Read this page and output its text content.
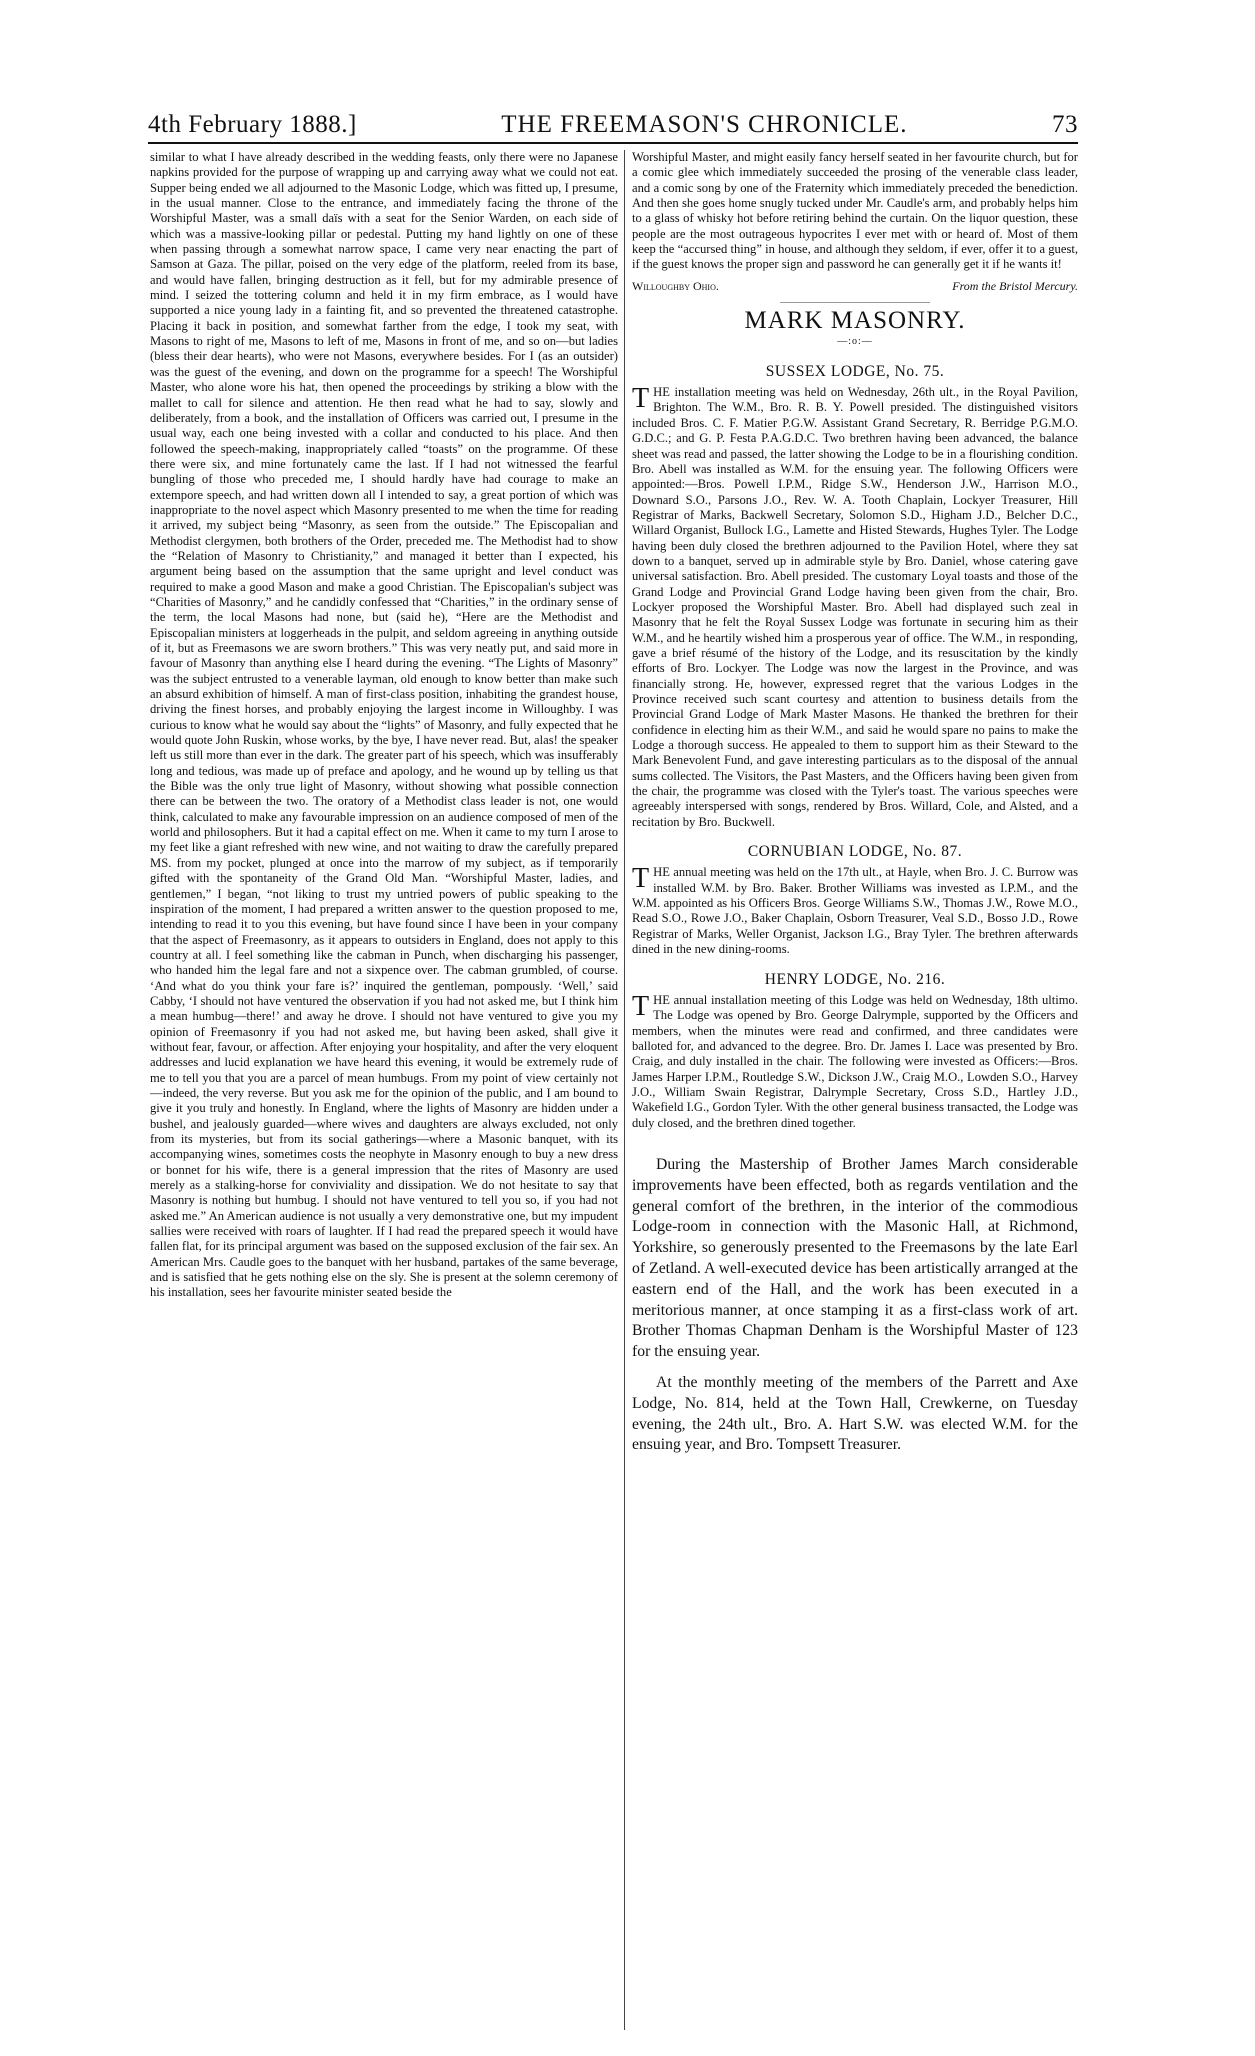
4th February 1888.]	THE FREEMASON'S CHRONICLE.	73

similar to what I have already described in the wedding feasts, only there were no Japanese napkins provided for the purpose of wrapping up and carrying away what we could not eat. Supper being ended we all adjourned to the Masonic Lodge, which was fitted up, I presume, in the usual manner. Close to the entrance, and immediately facing the throne of the Worshipful Master, was a small daïs with a seat for the Senior Warden, on each side of which was a massive-looking pillar or pedestal. Putting my hand lightly on one of these when passing through a somewhat narrow space, I came very near enacting the part of Samson at Gaza. The pillar, poised on the very edge of the platform, reeled from its base, and would have fallen, bringing destruction as it fell, but for my admirable presence of mind. I seized the tottering column and held it in my firm embrace, as I would have supported a nice young lady in a fainting fit, and so prevented the threatened catastrophe. Placing it back in position, and somewhat farther from the edge, I took my seat, with Masons to right of me, Masons to left of me, Masons in front of me, and so on—but ladies (bless their dear hearts), who were not Masons, everywhere besides. For I (as an outsider) was the guest of the evening, and down on the programme for a speech! The Worshipful Master, who alone wore his hat, then opened the proceedings by striking a blow with the mallet to call for silence and attention. He then read what he had to say, slowly and deliberately, from a book, and the installation of Officers was carried out, I presume in the usual way, each one being invested with a collar and conducted to his place. And then followed the speech-making, inappropriately called “toasts” on the programme. Of these there were six, and mine fortunately came the last. If I had not witnessed the fearful bungling of those who preceded me, I should hardly have had courage to make an extempore speech, and had written down all I intended to say, a great portion of which was inappropriate to the novel aspect which Masonry presented to me when the time for reading it arrived, my subject being “Masonry, as seen from the outside.” The Episcopalian and Methodist clergymen, both brothers of the Order, preceded me. The Methodist had to show the “Relation of Masonry to Christianity,” and managed it better than I expected, his argument being based on the assumption that the same upright and level conduct was required to make a good Mason and make a good Christian. The Episcopalian's subject was “Charities of Masonry,” and he candidly confessed that “Charities,” in the ordinary sense of the term, the local Masons had none, but (said he), “Here are the Methodist and Episcopalian ministers at loggerheads in the pulpit, and seldom agreeing in anything outside of it, but as Freemasons we are sworn brothers.” This was very neatly put, and said more in favour of Masonry than anything else I heard during the evening. “The Lights of Masonry” was the subject entrusted to a venerable layman, old enough to know better than make such an absurd exhibition of himself. A man of first-class position, inhabiting the grandest house, driving the finest horses, and probably enjoying the largest income in Willoughby. I was curious to know what he would say about the “lights” of Masonry, and fully expected that he would quote John Ruskin, whose works, by the bye, I have never read. But, alas! the speaker left us still more than ever in the dark. The greater part of his speech, which was insufferably long and tedious, was made up of preface and apology, and he wound up by telling us that the Bible was the only true light of Masonry, without showing what possible connection there can be between the two. The oratory of a Methodist class leader is not, one would think, calculated to make any favourable impression on an audience composed of men of the world and philosophers. But it had a capital effect on me. When it came to my turn I arose to my feet like a giant refreshed with new wine, and not waiting to draw the carefully prepared MS. from my pocket, plunged at once into the marrow of my subject, as if temporarily gifted with the spontaneity of the Grand Old Man. “Worshipful Master, ladies, and gentlemen,” I began, “not liking to trust my untried powers of public speaking to the inspiration of the moment, I had prepared a written answer to the question proposed to me, intending to read it to you this evening, but have found since I have been in your company that the aspect of Freemasonry, as it appears to outsiders in England, does not apply to this country at all. I feel something like the cabman in Punch, when discharging his passenger, who handed him the legal fare and not a sixpence over. The cabman grumbled, of course. ‘And what do you think your fare is?’ inquired the gentleman, pompously. ‘Well,’ said Cabby, ‘I should not have ventured the observation if you had not asked me, but I think him a mean humbug—there!’ and away he drove. I should not have ventured to give you my opinion of Freemasonry if you had not asked me, but having been asked, shall give it without fear, favour, or affection. After enjoying your hospitality, and after the very eloquent addresses and lucid explanation we have heard this evening, it would be extremely rude of me to tell you that you are a parcel of mean humbugs. From my point of view certainly not—indeed, the very reverse. But you ask me for the opinion of the public, and I am bound to give it you truly and honestly. In England, where the lights of Masonry are hidden under a bushel, and jealously guarded—where wives and daughters are always excluded, not only from its mysteries, but from its social gatherings—where a Masonic banquet, with its accompanying wines, sometimes costs the neophyte in Masonry enough to buy a new dress or bonnet for his wife, there is a general impression that the rites of Masonry are used merely as a stalking-horse for conviviality and dissipation. We do not hesitate to say that Masonry is nothing but humbug. I should not have ventured to tell you so, if you had not asked me.” An American audience is not usually a very demonstrative one, but my impudent sallies were received with roars of laughter. If I had read the prepared speech it would have fallen flat, for its principal argument was based on the supposed exclusion of the fair sex. An American Mrs. Caudle goes to the banquet with her husband, partakes of the same beverage, and is satisfied that he gets nothing else on the sly. She is present at the solemn ceremony of his installation, sees her favourite minister seated beside the

Worshipful Master, and might easily fancy herself seated in her favourite church, but for a comic glee which immediately succeeded the prosing of the venerable class leader, and a comic song by one of the Fraternity which immediately preceded the benediction. And then she goes home snugly tucked under Mr. Caudle's arm, and probably helps him to a glass of whisky hot before retiring behind the curtain. On the liquor question, these people are the most outrageous hypocrites I ever met with or heard of. Most of them keep the “accursed thing” in house, and although they seldom, if ever, offer it to a guest, if the guest knows the proper sign and password he can generally get it if he wants it!

Willoughby Ohio.	From the Bristol Mercury.
MARK MASONRY.
—:o:—
SUSSEX LODGE, No. 75.

THE installation meeting was held on Wednesday, 26th ult., in the Royal Pavilion, Brighton. The W.M., Bro. R. B. Y. Powell presided. The distinguished visitors included Bros. C. F. Matier P.G.W. Assistant Grand Secretary, R. Berridge P.G.M.O. G.D.C.; and G. P. Festa P.A.G.D.C. Two brethren having been advanced, the balance sheet was read and passed, the latter showing the Lodge to be in a flourishing condition. Bro. Abell was installed as W.M. for the ensuing year. The following Officers were appointed:—Bros. Powell I.P.M., Ridge S.W., Henderson J.W., Harrison M.O., Downard S.O., Parsons J.O., Rev. W. A. Tooth Chaplain, Lockyer Treasurer, Hill Registrar of Marks, Backwell Secretary, Solomon S.D., Higham J.D., Belcher D.C., Willard Organist, Bullock I.G., Lamette and Histed Stewards, Hughes Tyler. The Lodge having been duly closed the brethren adjourned to the Pavilion Hotel, where they sat down to a banquet, served up in admirable style by Bro. Daniel, whose catering gave universal satisfaction. Bro. Abell presided. The customary Loyal toasts and those of the Grand Lodge and Provincial Grand Lodge having been given from the chair, Bro. Lockyer proposed the Worshipful Master. Bro. Abell had displayed such zeal in Masonry that he felt the Royal Sussex Lodge was fortunate in securing him as their W.M., and he heartily wished him a prosperous year of office. The W.M., in responding, gave a brief résumé of the history of the Lodge, and its resuscitation by the kindly efforts of Bro. Lockyer. The Lodge was now the largest in the Province, and was financially strong. He, however, expressed regret that the various Lodges in the Province received such scant courtesy and attention to business details from the Provincial Grand Lodge of Mark Master Masons. He thanked the brethren for their confidence in electing him as their W.M., and said he would spare no pains to make the Lodge a thorough success. He appealed to them to support him as their Steward to the Mark Benevolent Fund, and gave interesting particulars as to the disposal of the annual sums collected. The Visitors, the Past Masters, and the Officers having been given from the chair, the programme was closed with the Tyler's toast. The various speeches were agreeably interspersed with songs, rendered by Bros. Willard, Cole, and Alsted, and a recitation by Bro. Buckwell.

CORNUBIAN LODGE, No. 87.

THE annual meeting was held on the 17th ult., at Hayle, when Bro. J. C. Burrow was installed W.M. by Bro. Baker. Brother Williams was invested as I.P.M., and the W.M. appointed as his Officers Bros. George Williams S.W., Thomas J.W., Rowe M.O., Read S.O., Rowe J.O., Baker Chaplain, Osborn Treasurer, Veal S.D., Bosso J.D., Rowe Registrar of Marks, Weller Organist, Jackson I.G., Bray Tyler. The brethren afterwards dined in the new dining-rooms.

HENRY LODGE, No. 216.

THE annual installation meeting of this Lodge was held on Wednesday, 18th ultimo. The Lodge was opened by Bro. George Dalrymple, supported by the Officers and members, when the minutes were read and confirmed, and three candidates were balloted for, and advanced to the degree. Bro. Dr. James I. Lace was presented by Bro. Craig, and duly installed in the chair. The following were invested as Officers:—Bros. James Harper I.P.M., Routledge S.W., Dickson J.W., Craig M.O., Lowden S.O., Harvey J.O., William Swain Registrar, Dalrymple Secretary, Cross S.D., Hartley J.D., Wakefield I.G., Gordon Tyler. With the other general business transacted, the Lodge was duly closed, and the brethren dined together.

During the Mastership of Brother James March considerable improvements have been effected, both as regards ventilation and the general comfort of the brethren, in the interior of the commodious Lodge-room in connection with the Masonic Hall, at Richmond, Yorkshire, so generously presented to the Freemasons by the late Earl of Zetland. A well-executed device has been artistically arranged at the eastern end of the Hall, and the work has been executed in a meritorious manner, at once stamping it as a first-class work of art. Brother Thomas Chapman Denham is the Worshipful Master of 123 for the ensuing year.

At the monthly meeting of the members of the Parrett and Axe Lodge, No. 814, held at the Town Hall, Crewkerne, on Tuesday evening, the 24th ult., Bro. A. Hart S.W. was elected W.M. for the ensuing year, and Bro. Tompsett Treasurer.
